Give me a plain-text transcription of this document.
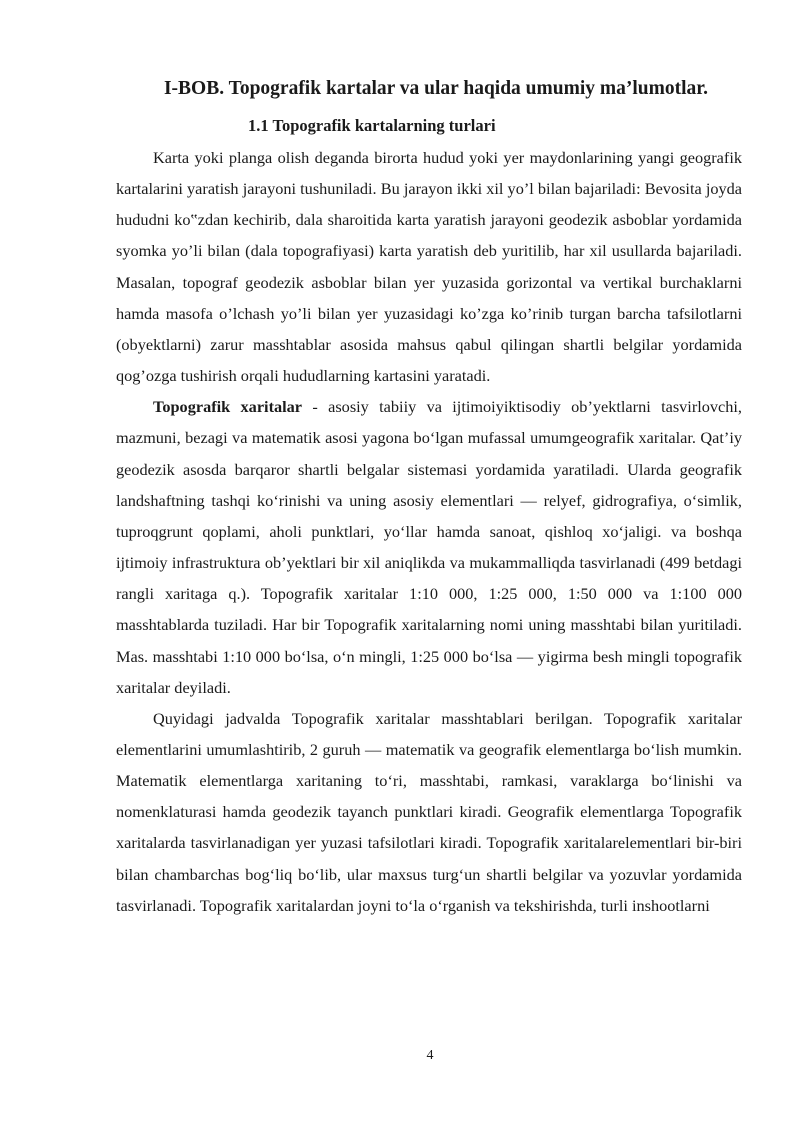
I-BOB. Topografik kartalar va ular haqida umumiy ma’lumotlar.
1.1 Topografik kartalarning turlari

Karta yoki planga olish deganda birorta hudud yoki yer maydonlarining yangi geografik kartalarini yaratish jarayoni tushuniladi. Bu jarayon ikki xil yo’l bilan bajariladi: Bevosita joyda hududni ko‟zdan kechirib, dala sharoitida karta yaratish jarayoni geodezik asboblar yordamida syomka yo’li bilan (dala topografiyasi) karta yaratish deb yuritilib, har xil usullarda bajariladi. Masalan, topograf geodezik asboblar bilan yer yuzasida gorizontal va vertikal burchaklarni hamda masofa o’lchash yo’li bilan yer yuzasidagi ko’zga ko’rinib turgan barcha tafsilotlarni (obyektlarni) zarur masshtablar asosida mahsus qabul qilingan shartli belgilar yordamida qog’ozga tushirish orqali hududlarning kartasini yaratadi.

Topografik xaritalar - asosiy tabiiy va ijtimoiyiktisodiy ob’yektlarni tasvirlovchi, mazmuni, bezagi va matematik asosi yagona bo‘lgan mufassal umumgeografik xaritalar. Qat’iy geodezik asosda barqaror shartli belgalar sistemasi yordamida yaratiladi. Ularda geografik landshaftning tashqi ko‘rinishi va uning asosiy elementlari — relyef, gidrografiya, o‘simlik, tuproqgrunt qoplami, aholi punktlari, yo‘llar hamda sanoat, qishloq xo‘jaligi. va boshqa ijtimoiy infrastruktura ob’yektlari bir xil aniqlikda va mukammalliqda tasvirlanadi (499 betdagi rangli xaritaga q.). Topografik xaritalar 1:10 000, 1:25 000, 1:50 000 va 1:100 000 masshtablarda tuziladi. Har bir Topografik xaritalarning nomi uning masshtabi bilan yuritiladi. Mas. masshtabi 1:10 000 bo‘lsa, o‘n mingli, 1:25 000 bo‘lsa — yigirma besh mingli topografik xaritalar deyiladi.

Quyidagi jadvalda Topografik xaritalar masshtablari berilgan. Topografik xaritalar elementlarini umumlashtirib, 2 guruh — matematik va geografik elementlarga bo‘lish mumkin. Matematik elementlarga xaritaning to‘ri, masshtabi, ramkasi, varaklarga bo‘linishi va nomenklaturasi hamda geodezik tayanch punktlari kiradi. Geografik elementlarga Topografik xaritalarda tasvirlanadigan yer yuzasi tafsilotlari kiradi. Topografik xaritalarelementlari bir-biri bilan chambarchas bog‘liq bo‘lib, ular maxsus turg‘un shartli belgilar va yozuvlar yordamida tasvirlanadi. Topografik xaritalardan joyni to‘la o‘rganish va tekshirishda, turli inshootlarni

4
